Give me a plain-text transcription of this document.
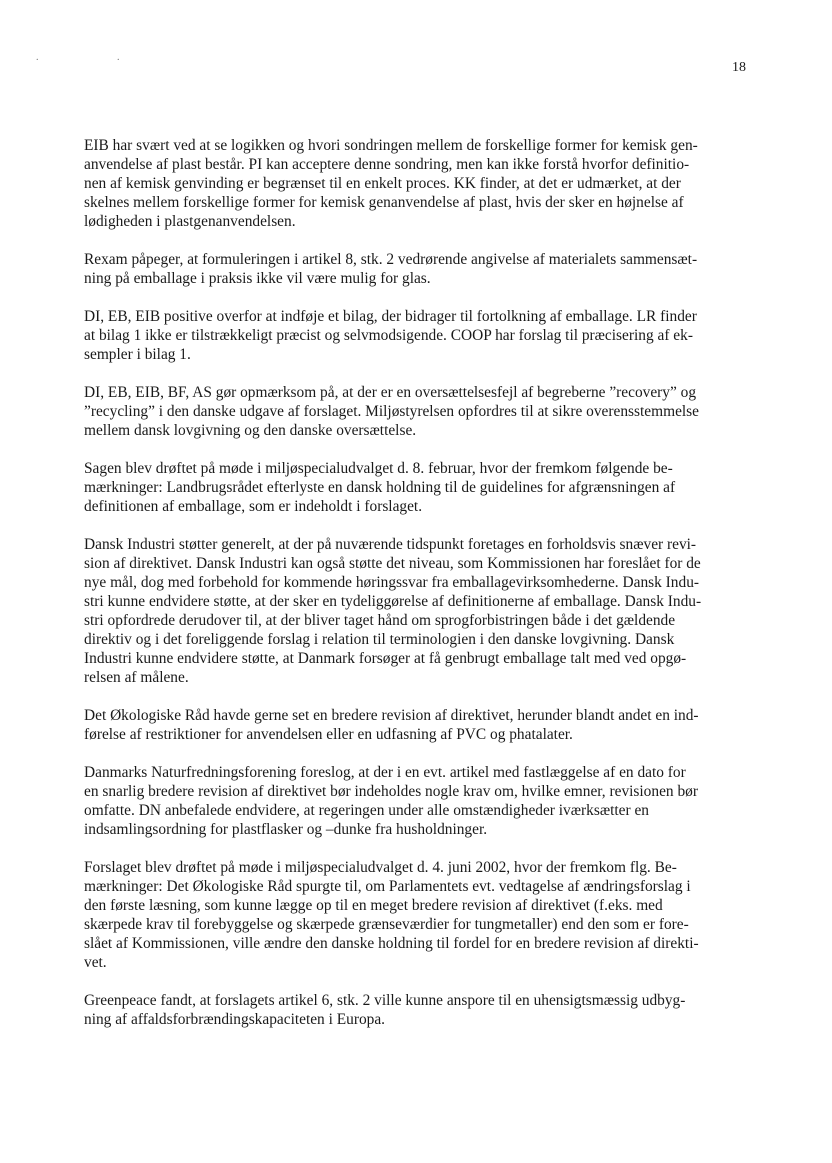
. .
18

EIB har svært ved at se logikken og hvori sondringen mellem de forskellige former for kemisk gen-
anvendelse af plast består. PI kan acceptere denne sondring, men kan ikke forstå hvorfor definitio-
nen af kemisk genvinding er begrænset til en enkelt proces. KK finder, at det er udmærket, at der
skelnes mellem forskellige former for kemisk genanvendelse af plast, hvis der sker en højnelse af
lødigheden i plastgenanvendelsen.

Rexam påpeger, at formuleringen i artikel 8, stk. 2 vedrørende angivelse af materialets sammensæt-
ning på emballage i praksis ikke vil være mulig for glas.

DI, EB, EIB positive overfor at indføje et bilag, der bidrager til fortolkning af emballage. LR finder
at bilag 1 ikke er tilstrækkeligt præcist og selvmodsigende. COOP har forslag til præcisering af ek-
sempler i bilag 1.

DI, EB, EIB, BF, AS gør opmærksom på, at der er en oversættelsesfejl af begreberne ”recovery” og
”recycling” i den danske udgave af forslaget. Miljøstyrelsen opfordres til at sikre overensstemmelse
mellem dansk lovgivning og den danske oversættelse.

Sagen blev drøftet på møde i miljøspecialudvalget d. 8. februar, hvor der fremkom følgende be-
mærkninger: Landbrugsrådet efterlyste en dansk holdning til de guidelines for afgrænsningen af
definitionen af emballage, som er indeholdt i forslaget.

Dansk Industri støtter generelt, at der på nuværende tidspunkt foretages en forholdsvis snæver revi-
sion af direktivet. Dansk Industri kan også støtte det niveau, som Kommissionen har foreslået for de
nye mål, dog med forbehold for kommende høringssvar fra emballagevirksomhederne. Dansk Indu-
stri kunne endvidere støtte, at der sker en tydeliggørelse af definitionerne af emballage. Dansk Indu-
stri opfordrede derudover til, at der bliver taget hånd om sprogforbistringen både i det gældende
direktiv og i det foreliggende forslag i relation til terminologien i den danske lovgivning. Dansk
Industri kunne endvidere støtte, at Danmark forsøger at få genbrugt emballage talt med ved opgø-
relsen af målene.

Det Økologiske Råd havde gerne set en bredere revision af direktivet, herunder blandt andet en ind-
førelse af restriktioner for anvendelsen eller en udfasning af PVC og phatalater.

Danmarks Naturfredningsforening foreslog, at der i en evt. artikel med fastlæggelse af en dato for
en snarlig bredere revision af direktivet bør indeholdes nogle krav om, hvilke emner, revisionen bør
omfatte. DN anbefalede endvidere, at regeringen under alle omstændigheder iværksætter en
indsamlingsordning for plastflasker og –dunke fra husholdninger.

Forslaget blev drøftet på møde i miljøspecialudvalget d. 4. juni 2002, hvor der fremkom flg. Be-
mærkninger: Det Økologiske Råd spurgte til, om Parlamentets evt. vedtagelse af ændringsforslag i
den første læsning, som kunne lægge op til en meget bredere revision af direktivet (f.eks. med
skærpede krav til forebyggelse og skærpede grænseværdier for tungmetaller) end den som er fore-
slået af Kommissionen, ville ændre den danske holdning til fordel for en bredere revision af direkti-
vet.

Greenpeace fandt, at forslagets artikel 6, stk. 2 ville kunne anspore til en uhensigtsmæssig udbyg-
ning af affaldsforbrændingskapaciteten i Europa.
